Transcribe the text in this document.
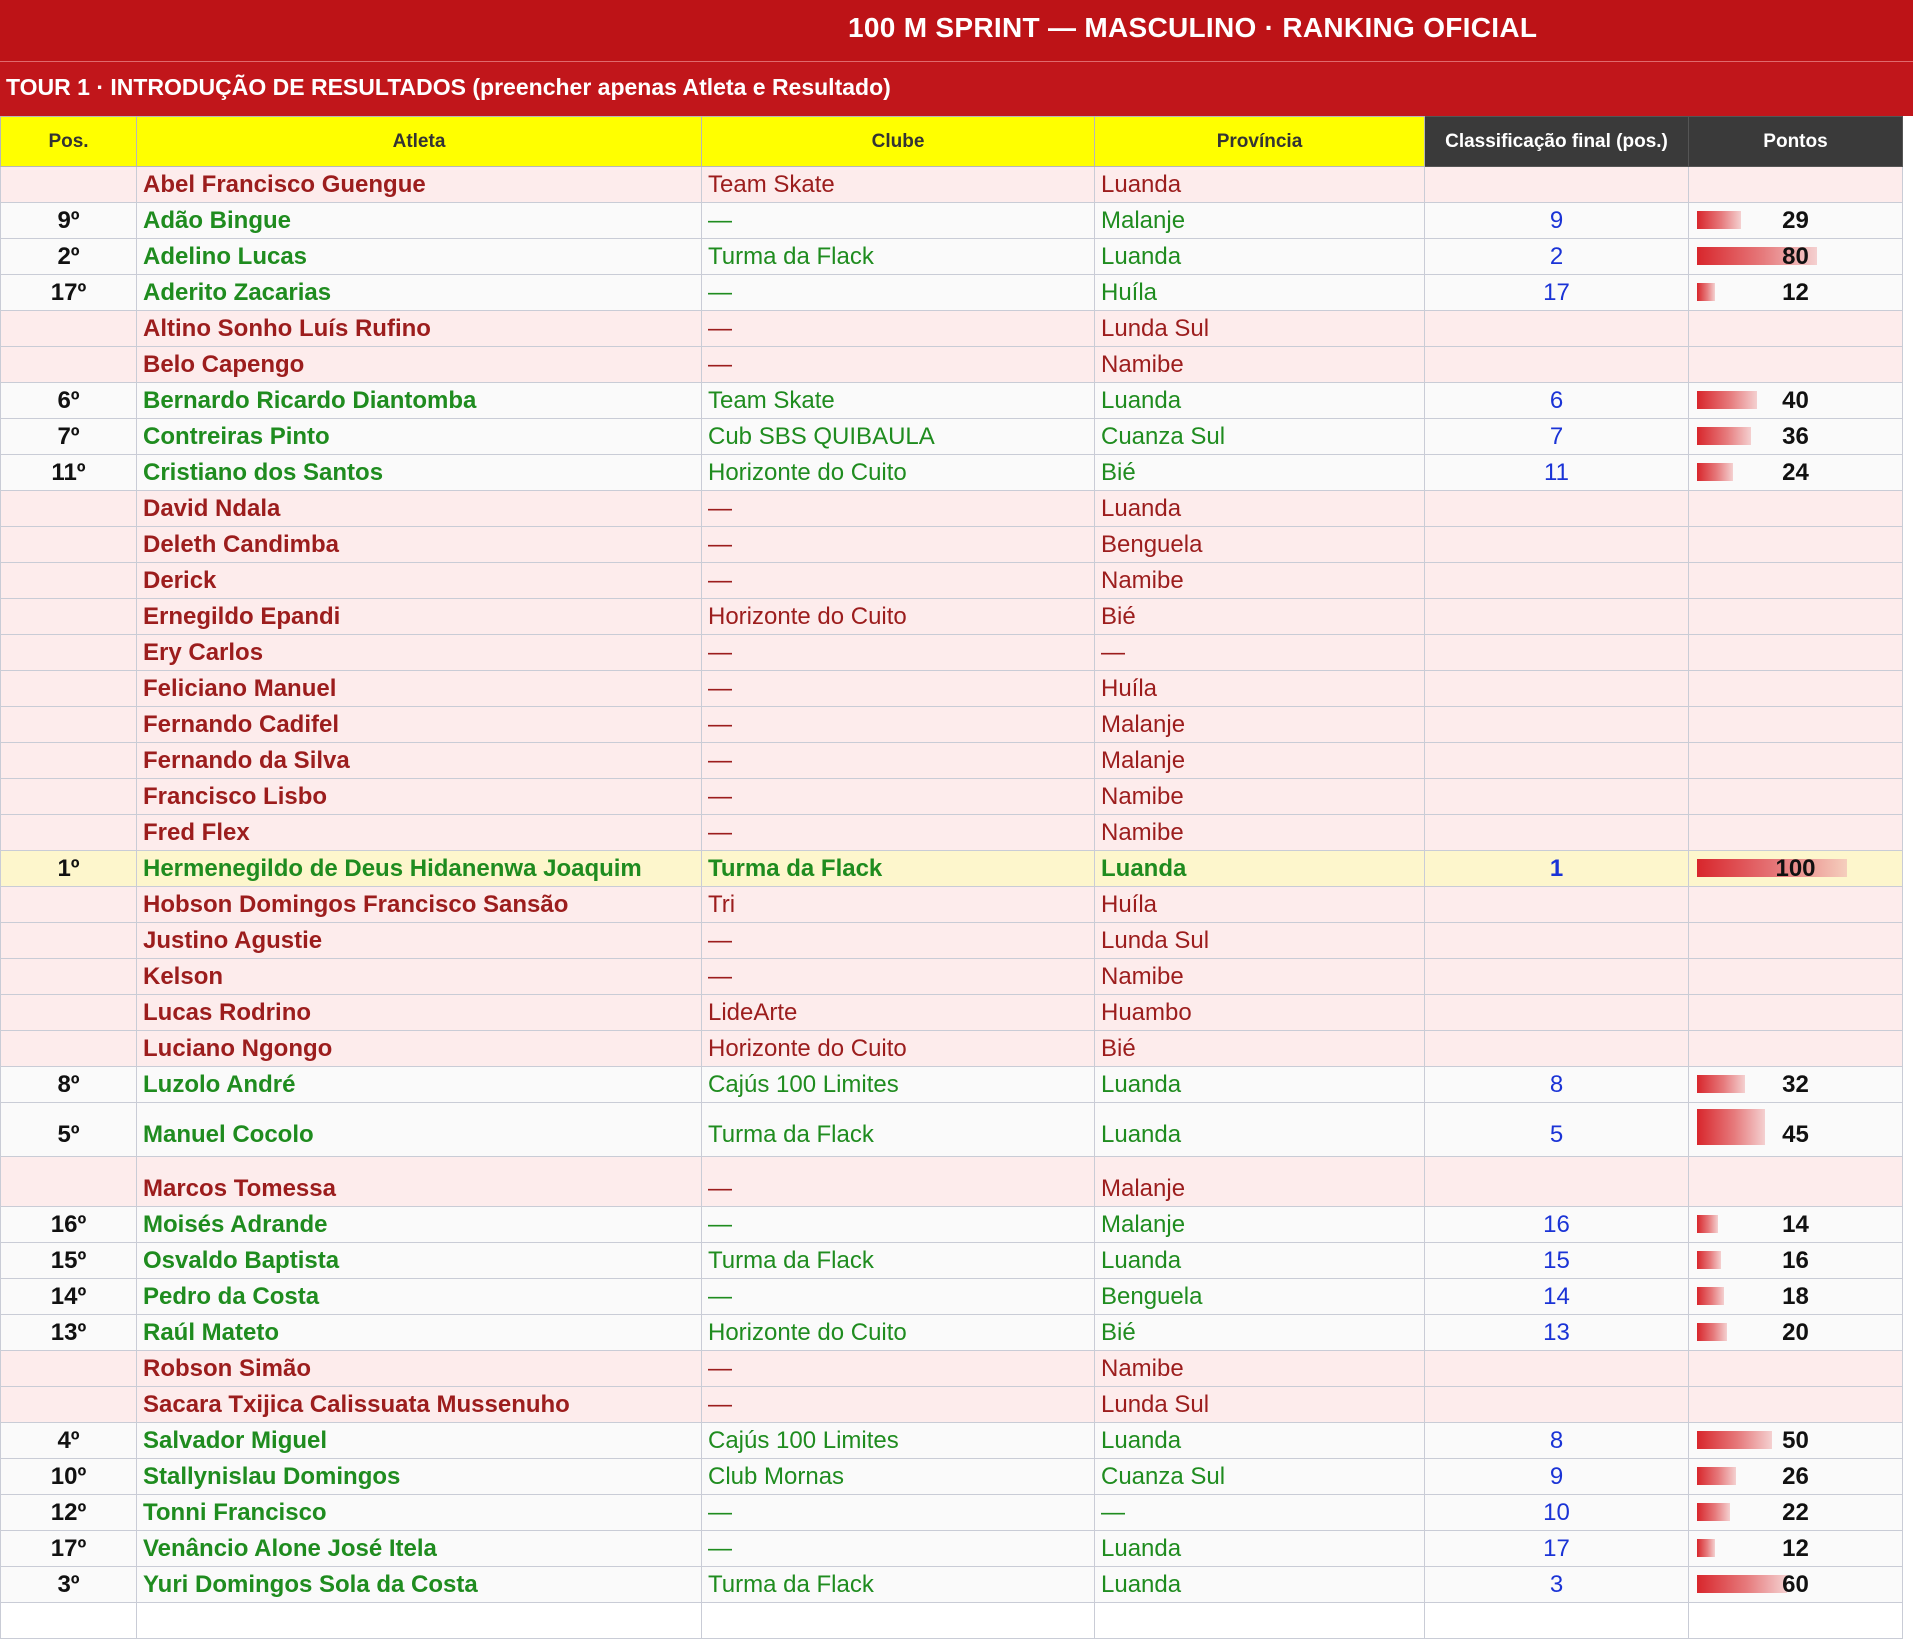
100 M SPRINT — MASCULINO · RANKING OFICIAL
TOUR 1 · INTRODUÇÃO DE RESULTADOS (preencher apenas Atleta e Resultado)
Pos.	Atleta	Clube	Província	Classificação final (pos.)	Pontos
	Abel Francisco Guengue	Team Skate	Luanda		
9º	Adão Bingue	—	Malanje	9	29
2º	Adelino Lucas	Turma da Flack	Luanda	2	80
17º	Aderito Zacarias	—	Huíla	17	12
	Altino Sonho Luís Rufino	—	Lunda Sul		
	Belo Capengo	—	Namibe		
6º	Bernardo Ricardo Diantomba	Team Skate	Luanda	6	40
7º	Contreiras Pinto	Cub SBS QUIBAULA	Cuanza Sul	7	36
11º	Cristiano dos Santos	Horizonte do Cuito	Bié	11	24
	David Ndala	—	Luanda		
	Deleth Candimba	—	Benguela		
	Derick	—	Namibe		
	Ernegildo Epandi	Horizonte do Cuito	Bié		
	Ery Carlos	—	—		
	Feliciano Manuel	—	Huíla		
	Fernando Cadifel	—	Malanje		
	Fernando da Silva	—	Malanje		
	Francisco Lisbo	—	Namibe		
	Fred Flex	—	Namibe		
1º	Hermenegildo de Deus Hidanenwa Joaquim	Turma da Flack	Luanda	1	100
	Hobson Domingos Francisco Sansão	Tri	Huíla		
	Justino Agustie	—	Lunda Sul		
	Kelson	—	Namibe		
	Lucas Rodrino	LideArte	Huambo		
	Luciano Ngongo	Horizonte do Cuito	Bié		
8º	Luzolo André	Cajús 100 Limites	Luanda	8	32
5º	Manuel Cocolo	Turma da Flack	Luanda	5	45
	Marcos Tomessa	—	Malanje		
16º	Moisés Adrande	—	Malanje	16	14
15º	Osvaldo Baptista	Turma da Flack	Luanda	15	16
14º	Pedro da Costa	—	Benguela	14	18
13º	Raúl Mateto	Horizonte do Cuito	Bié	13	20
	Robson Simão	—	Namibe		
	Sacara Txijica Calissuata Mussenuho	—	Lunda Sul		
4º	Salvador Miguel	Cajús 100 Limites	Luanda	8	50
10º	Stallynislau Domingos	Club Mornas	Cuanza Sul	9	26
12º	Tonni Francisco	—	—	10	22
17º	Venâncio Alone José Itela	—	Luanda	17	12
3º	Yuri Domingos Sola da Costa	Turma da Flack	Luanda	3	60
